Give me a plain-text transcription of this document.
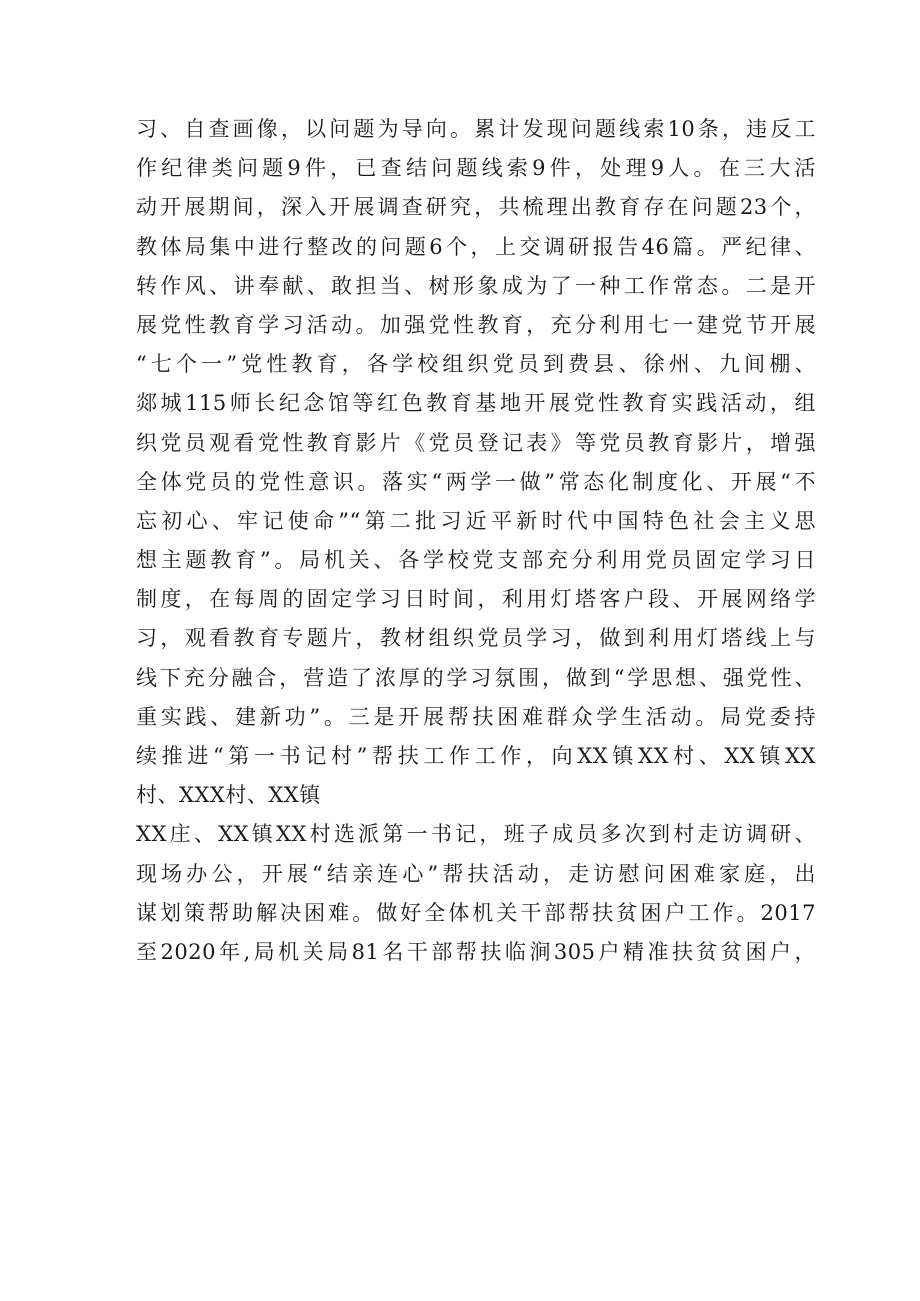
习、自查画像，以问题为导向。累计发现问题线索10条，违反工
作纪律类问题9件，已查结问题线索9件，处理9人。在三大活
动开展期间，深入开展调查研究，共梳理出教育存在问题23个，
教体局集中进行整改的问题6个，上交调研报告46篇。严纪律、
转作风、讲奉献、敢担当、树形象成为了一种工作常态。二是开
展党性教育学习活动。加强党性教育，充分利用七一建党节开展
“七个一”党性教育，各学校组织党员到费县、徐州、九间棚、
郯城115师长纪念馆等红色教育基地开展党性教育实践活动，组
织党员观看党性教育影片《党员登记表》等党员教育影片，增强
全体党员的党性意识。落实“两学一做”常态化制度化、开展“不
忘初心、牢记使命”“第二批习近平新时代中国特色社会主义思
想主题教育”。局机关、各学校党支部充分利用党员固定学习日
制度，在每周的固定学习日时间，利用灯塔客户段、开展网络学
习，观看教育专题片，教材组织党员学习，做到利用灯塔线上与
线下充分融合，营造了浓厚的学习氛围，做到“学思想、强党性、
重实践、建新功”。三是开展帮扶困难群众学生活动。局党委持
续推进“第一书记村”帮扶工作工作，向XX镇XX村、XX镇XX
村、XXX村、XX镇
XX庄、XX镇XX村选派第一书记，班子成员多次到村走访调研、
现场办公，开展“结亲连心”帮扶活动，走访慰问困难家庭，出
谋划策帮助解决困难。做好全体机关干部帮扶贫困户工作。2017
至2020年,局机关局81名干部帮扶临涧305户精准扶贫贫困户，
